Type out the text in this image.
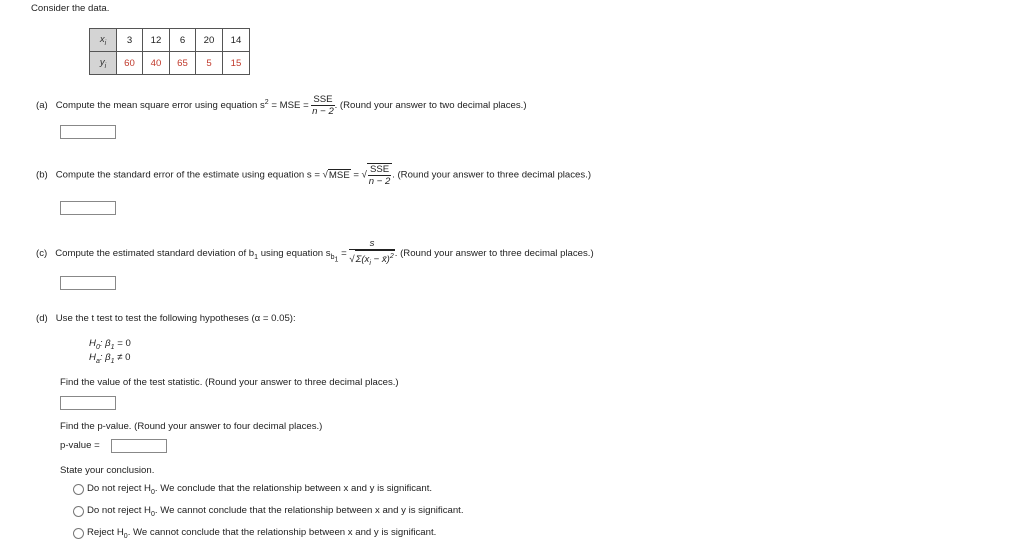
Consider the data.
$x_i$	3	12	6	20	14
$y_i$	60	40	65	5	15
(a) Compute the mean square error using equation $s^2$ = MSE = $\frac{\text{SSE}}{n - 2}$ . (Round your answer to two decimal places.)
(b) Compute the standard error of the estimate using equation s = √MSE = √ $\frac{\text{SSE}}{n - 2}$ . (Round your answer to three decimal places.)
(c) Compute the estimated standard deviation of $b_1$ using equation $s_{b_1} = \frac{s}{√\Sigma(x_i - x̄)^2}$ . (Round your answer to three decimal places.)
(d) Use the t test to test the following hypotheses (α = 0.05):
$H_0$: $\beta_1 = 0$
$H_a$: $\beta_1 \ne 0$
Find the value of the test statistic. (Round your answer to three decimal places.)
Find the p-value. (Round your answer to four decimal places.)
p-value =
State your conclusion.
Do not reject $H_0$. We conclude that the relationship between x and y is significant.
Do not reject $H_0$. We cannot conclude that the relationship between x and y is significant.
Reject $H_0$. We cannot conclude that the relationship between x and y is significant.
